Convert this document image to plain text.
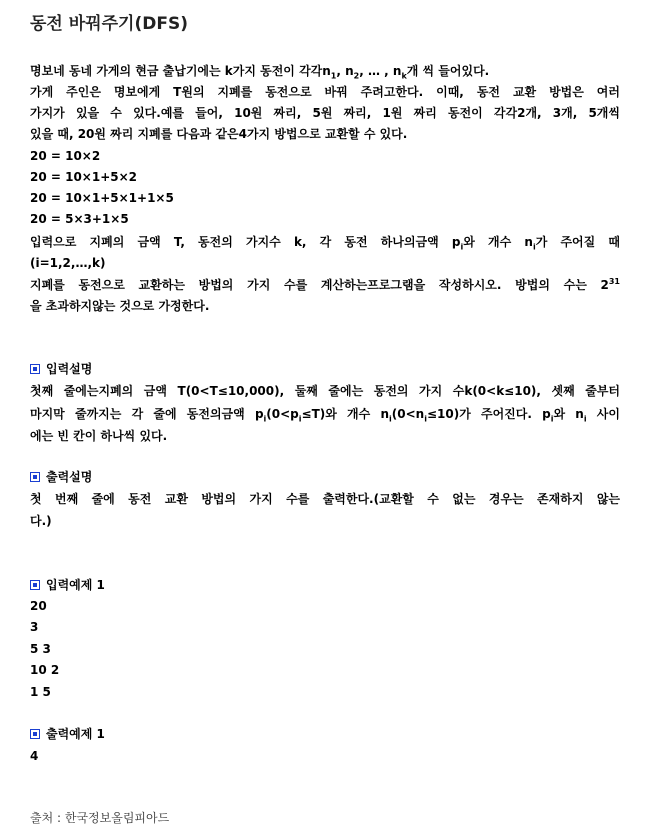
동전 바꿔주기(DFS)
명보네 동네 가게의 현금 출납기에는 k가지 동전이 각각$n_1$, $n_2$, … , $n_k$개 씩 들어있다.
가게 주인은 명보에게 T원의 지폐를 동전으로 바꿔 주려고한다. 이때, 동전 교환 방법은 여러
가지가 있을 수 있다.예를 들어, 10원 짜리, 5원 짜리, 1원 짜리 동전이 각각2개, 3개, 5개씩
있을 때, 20원 짜리 지폐를 다음과 같은4가지 방법으로 교환할 수 있다.
20 = 10×2
20 = 10×1+5×2
20 = 10×1+5×1+1×5
20 = 5×3+1×5
입력으로 지폐의 금액 T, 동전의 가지수 k, 각 동전 하나의금액 $p_i$와 개수 $n_i$가 주어질 때
(i=1,2,…,k)
지폐를 동전으로 교환하는 방법의 가지 수를 계산하는프로그램을 작성하시오. 방법의 수는 $2^{31}$
을 초과하지않는 것으로 가정한다.
입력설명
첫째 줄에는지폐의 금액 T(0<T≤10,000), 둘째 줄에는 동전의 가지 수k(0<k≤10), 셋째 줄부터
마지막 줄까지는 각 줄에 동전의금액 $p_i(0<p_i\le T)$와 개수 $n_i(0<n_i\le 10)$가 주어진다. $p_i$와 $n_i$ 사이
에는 빈 칸이 하나씩 있다.
출력설명
첫 번째 줄에 동전 교환 방법의 가지 수를 출력한다.(교환할 수 없는 경우는 존재하지 않는
다.)
입력예제 1
20
3
5 3
10 2
1 5
출력예제 1
4
출처 : 한국정보올림피아드
